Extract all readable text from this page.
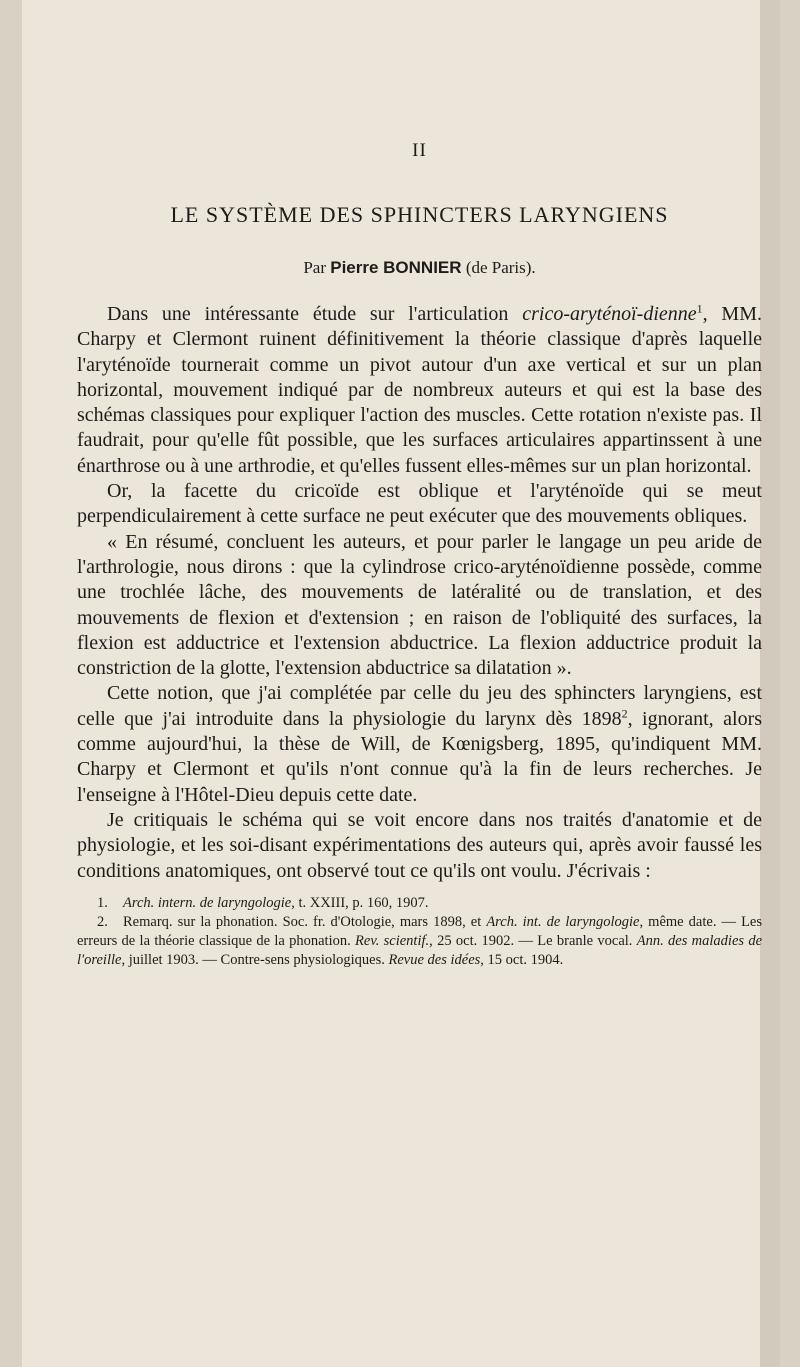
II
LE SYSTÈME DES SPHINCTERS LARYNGIENS
Par Pierre BONNIER (de Paris).

Dans une intéressante étude sur l'articulation crico-aryténoï-dienne$^1$, MM. Charpy et Clermont ruinent définitivement la théorie classique d'après laquelle l'aryténoïde tournerait comme un pivot autour d'un axe vertical et sur un plan horizontal, mouvement indiqué par de nombreux auteurs et qui est la base des schémas classiques pour expliquer l'action des muscles. Cette rotation n'existe pas. Il faudrait, pour qu'elle fût possible, que les surfaces articulaires appartinssent à une énarthrose ou à une arthrodie, et qu'elles fussent elles-mêmes sur un plan horizontal.

Or, la facette du cricoïde est oblique et l'aryténoïde qui se meut perpendiculairement à cette surface ne peut exécuter que des mouvements obliques.

« En résumé, concluent les auteurs, et pour parler le langage un peu aride de l'arthrologie, nous dirons : que la cylindrose crico-aryténoïdienne possède, comme une trochlée lâche, des mouvements de latéralité ou de translation, et des mouvements de flexion et d'extension ; en raison de l'obliquité des surfaces, la flexion est adductrice et l'extension abductrice. La flexion adductrice produit la constriction de la glotte, l'extension abductrice sa dilatation ».

Cette notion, que j'ai complétée par celle du jeu des sphincters laryngiens, est celle que j'ai introduite dans la physiologie du larynx dès 1898$^2$, ignorant, alors comme aujourd'hui, la thèse de Will, de Kœnigsberg, 1895, qu'indiquent MM. Charpy et Clermont et qu'ils n'ont connue qu'à la fin de leurs recherches. Je l'enseigne à l'Hôtel-Dieu depuis cette date.

Je critiquais le schéma qui se voit encore dans nos traités d'anatomie et de physiologie, et les soi-disant expérimentations des auteurs qui, après avoir faussé les conditions anatomiques, ont observé tout ce qu'ils ont voulu. J'écrivais :

1. Arch. intern. de laryngologie, t. XXIII, p. 160, 1907.

2. Remarq. sur la phonation. Soc. fr. d'Otologie, mars 1898, et Arch. int. de laryngologie, même date. — Les erreurs de la théorie classique de la phonation. Rev. scientif., 25 oct. 1902. — Le branle vocal. Ann. des maladies de l'oreille, juillet 1903. — Contre-sens physiologiques. Revue des idées, 15 oct. 1904.
